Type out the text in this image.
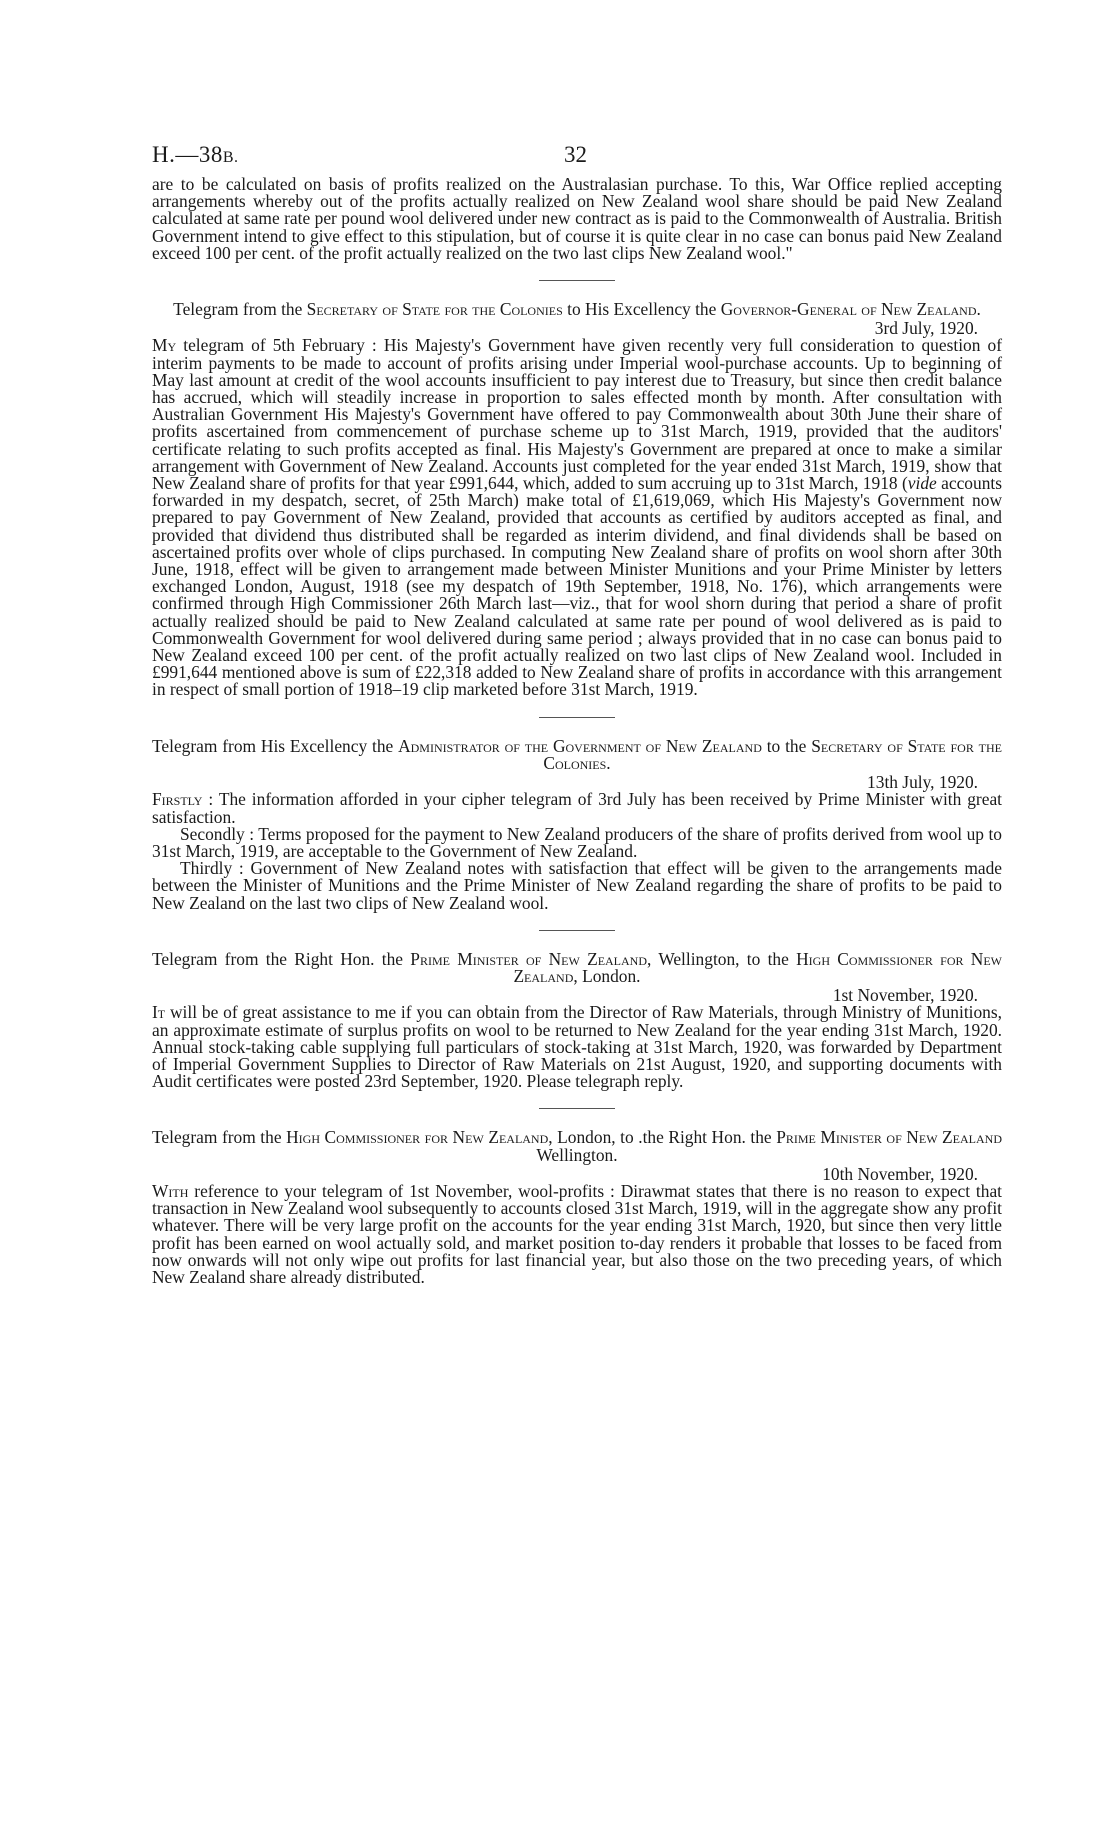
H.—38B.	32

are to be calculated on basis of profits realized on the Australasian purchase. To this, War Office replied accepting arrangements whereby out of the profits actually realized on New Zealand wool share should be paid New Zealand calculated at same rate per pound wool delivered under new contract as is paid to the Commonwealth of Australia. British Government intend to give effect to this stipulation, but of course it is quite clear in no case can bonus paid New Zealand exceed 100 per cent. of the profit actually realized on the two last clips New Zealand wool."

Telegram from the Secretary of State for the Colonies to His Excellency the Governor-General of New Zealand.

3rd July, 1920.

My telegram of 5th February : His Majesty's Government have given recently very full consideration to question of interim payments to be made to account of profits arising under Imperial wool-purchase accounts. Up to beginning of May last amount at credit of the wool accounts insufficient to pay interest due to Treasury, but since then credit balance has accrued, which will steadily increase in proportion to sales effected month by month. After consultation with Australian Government His Majesty's Government have offered to pay Commonwealth about 30th June their share of profits ascertained from commencement of purchase scheme up to 31st March, 1919, provided that the auditors' certificate relating to such profits accepted as final. His Majesty's Government are prepared at once to make a similar arrangement with Government of New Zealand. Accounts just completed for the year ended 31st March, 1919, show that New Zealand share of profits for that year £991,644, which, added to sum accruing up to 31st March, 1918 (vide accounts forwarded in my despatch, secret, of 25th March) make total of £1,619,069, which His Majesty's Government now prepared to pay Government of New Zealand, provided that accounts as certified by auditors accepted as final, and provided that dividend thus distributed shall be regarded as interim dividend, and final dividends shall be based on ascertained profits over whole of clips purchased. In computing New Zealand share of profits on wool shorn after 30th June, 1918, effect will be given to arrangement made between Minister Munitions and your Prime Minister by letters exchanged London, August, 1918 (see my despatch of 19th September, 1918, No. 176), which arrangements were confirmed through High Commissioner 26th March last—viz., that for wool shorn during that period a share of profit actually realized should be paid to New Zealand calculated at same rate per pound of wool delivered as is paid to Commonwealth Government for wool delivered during same period ; always provided that in no case can bonus paid to New Zealand exceed 100 per cent. of the profit actually realized on two last clips of New Zealand wool. Included in £991,644 mentioned above is sum of £22,318 added to New Zealand share of profits in accordance with this arrangement in respect of small portion of 1918–19 clip marketed before 31st March, 1919.

Telegram from His Excellency the Administrator of the Government of New Zealand to the Secretary of State for the Colonies.

13th July, 1920.

Firstly : The information afforded in your cipher telegram of 3rd July has been received by Prime Minister with great satisfaction.

Secondly : Terms proposed for the payment to New Zealand producers of the share of profits derived from wool up to 31st March, 1919, are acceptable to the Government of New Zealand.

Thirdly : Government of New Zealand notes with satisfaction that effect will be given to the arrangements made between the Minister of Munitions and the Prime Minister of New Zealand regarding the share of profits to be paid to New Zealand on the last two clips of New Zealand wool.

Telegram from the Right Hon. the Prime Minister of New Zealand, Wellington, to the High Commissioner for New Zealand, London.

1st November, 1920.

It will be of great assistance to me if you can obtain from the Director of Raw Materials, through Ministry of Munitions, an approximate estimate of surplus profits on wool to be returned to New Zealand for the year ending 31st March, 1920. Annual stock-taking cable supplying full particulars of stock-taking at 31st March, 1920, was forwarded by Department of Imperial Government Supplies to Director of Raw Materials on 21st August, 1920, and supporting documents with Audit certificates were posted 23rd September, 1920. Please telegraph reply.

Telegram from the High Commissioner for New Zealand, London, to .the Right Hon. the Prime Minister of New Zealand Wellington.

10th November, 1920.

With reference to your telegram of 1st November, wool-profits : Dirawmat states that there is no reason to expect that transaction in New Zealand wool subsequently to accounts closed 31st March, 1919, will in the aggregate show any profit whatever. There will be very large profit on the accounts for the year ending 31st March, 1920, but since then very little profit has been earned on wool actually sold, and market position to-day renders it probable that losses to be faced from now onwards will not only wipe out profits for last financial year, but also those on the two preceding years, of which New Zealand share already distributed.
